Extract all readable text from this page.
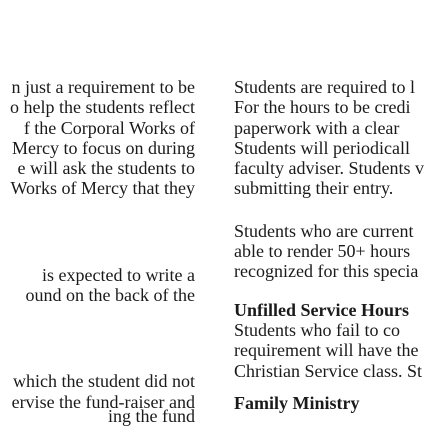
n just a requirement to be
o help the students reflect
f the Corporal Works of
Mercy to focus on during
e will ask the students to
Works of Mercy that they
is expected to write a
ound on the back of the
which the student did not
ervise the fund-raiser and
ing the fund
Students are required to l
For the hours to be credi
paperwork with a clear
Students will periodicall
faculty adviser. Students v
submitting their entry.
Students who are current
able to render 50+ hours
recognized for this specia
Unfilled Service Hours
Students who fail to co
requirement will have the
Christian Service class. St
Family Ministry
